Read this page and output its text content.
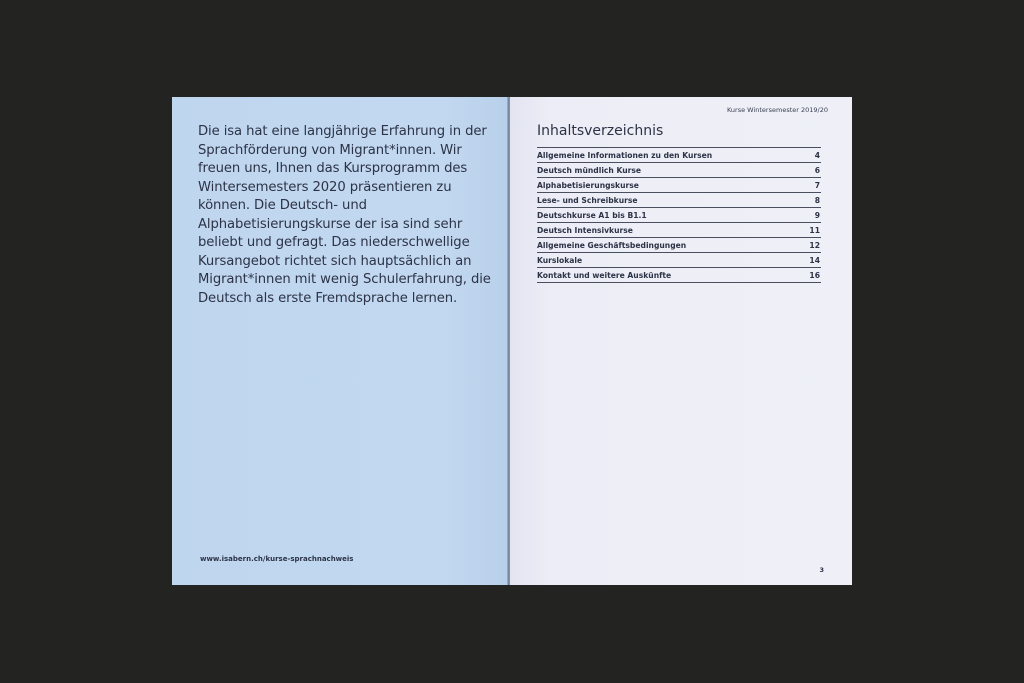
Die isa hat eine langjährige Erfahrung in der Sprachförderung von Migrant*innen. Wir freuen uns, Ihnen das Kursprogramm des Wintersemesters 2020 präsentieren zu können. Die Deutsch- und Alphabetisierungskurse der isa sind sehr beliebt und gefragt. Das niederschwellige Kursangebot richtet sich hauptsächlich an Migrant*innen mit wenig Schulerfahrung, die Deutsch als erste Fremdsprache lernen.

www.isabern.ch/kurse-sprachnachweis
Kurse Wintersemester 2019/20
Inhaltsverzeichnis
Allgemeine Informationen zu den Kursen	4
Deutsch mündlich Kurse	6
Alphabetisierungskurse	7
Lese- und Schreibkurse	8
Deutschkurse A1 bis B1.1	9
Deutsch Intensivkurse	11
Allgemeine Geschäftsbedingungen	12
Kurslokale	14
Kontakt und weitere Auskünfte	16
3
